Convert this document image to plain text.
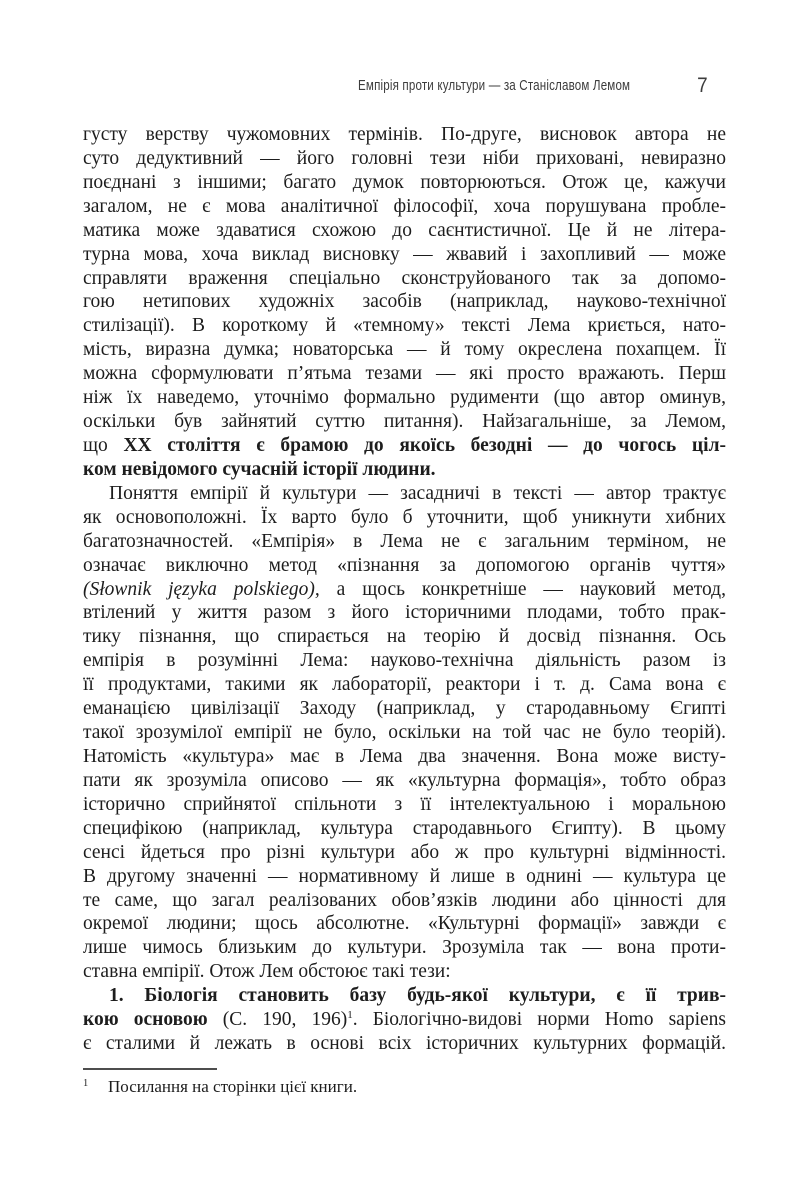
Емпірія проти культури — за Станіславом Лемом	7
густу верству чужомовних термінів. По-друге, висновок автора не
суто дедуктивний — його головні тези ніби приховані, невиразно
поєднані з іншими; багато думок повторюються. Отож це, кажучи
загалом, не є мова аналітичної філософії, хоча порушувана пробле-
матика може здаватися схожою до саєнтистичної. Це й не літера-
турна мова, хоча виклад висновку — жвавий і захопливий — може
справляти враження спеціально сконструйованого так за допомо-
гою нетипових художніх засобів (наприклад, науково-технічної
стилізації). В короткому й «темному» тексті Лема криється, нато-
мість, виразна думка; новаторська — й тому окреслена похапцем. Її
можна сформулювати п’ятьма тезами — які просто вражають. Перш
ніж їх наведемо, уточнімо формально рудименти (що автор оминув,
оскільки був зайнятий суттю питання). Найзагальніше, за Лемом,
що ХХ століття є брамою до якоїсь безодні — до чогось ціл-
ком невідомого сучасній історії людини.
Поняття емпірії й культури — засадничі в тексті — автор трактує
як основоположні. Їх варто було б уточнити, щоб уникнути хибних
багатозначностей. «Емпірія» в Лема не є загальним терміном, не
означає виключно метод «пізнання за допомогою органів чуття»
(Słownik języka polskiego), а щось конкретніше — науковий метод,
втілений у життя разом з його історичними плодами, тобто прак-
тику пізнання, що спирається на теорію й досвід пізнання. Ось
емпірія в розумінні Лема: науково-технічна діяльність разом із
її продуктами, такими як лабораторії, реактори і т. д. Сама вона є
еманацією цивілізації Заходу (наприклад, у стародавньому Єгипті
такої зрозумілої емпірії не було, оскільки на той час не було теорій).
Натомість «культура» має в Лема два значення. Вона може висту-
пати як зрозуміла описово — як «культурна формація», тобто образ
історично сприйнятої спільноти з її інтелектуальною і моральною
специфікою (наприклад, культура стародавнього Єгипту). В цьому
сенсі йдеться про різні культури або ж про культурні відмінності.
В другому значенні — нормативному й лише в однині — культура це
те саме, що загал реалізованих обов’язків людини або цінності для
окремої людини; щось абсолютне. «Культурні формації» завжди є
лише чимось близьким до культури. Зрозуміла так — вона проти-
ставна емпірії. Отож Лем обстоює такі тези:
1. Біологія становить базу будь-якої культури, є її трив-
кою основою (С. 190, 196)$^1$. Біологічно-видові норми Homo sapiens
є сталими й лежать в основі всіх історичних культурних формацій.
1 Посилання на сторінки цієї книги.
